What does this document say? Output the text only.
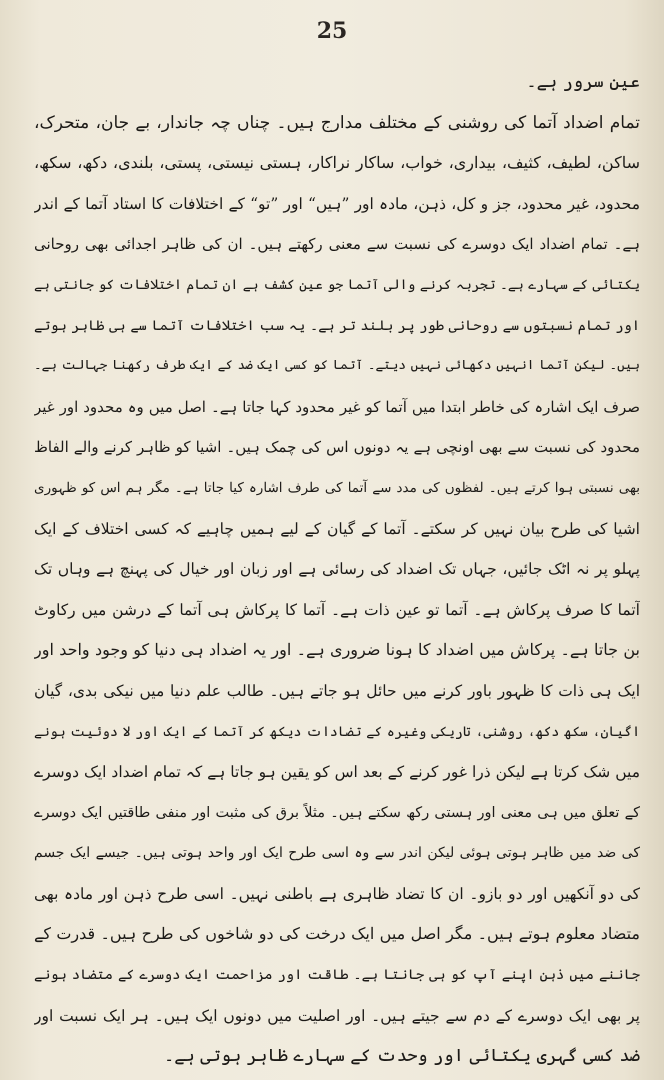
25
عین سرور ہے۔
تمام اضداد آتما کی روشنی کے مختلف مدارج ہیں۔ چناں چہ جاندار، بے جان، متحرک،
ساکن، لطیف، کثیف، بیداری، خواب، ساکار نراکار، ہستی نیستی، پستی، بلندی، دکھ، سکھ،
محدود، غیر محدود، جز و کل، ذہن، مادہ اور ”ہیں“ اور ”تو“ کے اختلافات کا استاد آتما کے اندر
ہے۔ تمام اضداد ایک دوسرے کی نسبت سے معنی رکھتے ہیں۔ ان کی ظاہر اجدائی بھی روحانی
یکتائی کے سہارے ہے۔ تجربہ کرنے والی آتما جو عین کشف ہے ان تمام اختلافات کو جانتی ہے
اور تمام نسبتوں سے روحانی طور پر بلند تر ہے۔ یہ سب اختلافات آتما سے ہی ظاہر ہوتے
ہیں۔ لیکن آتما انہیں دکھائی نہیں دیتے۔ آتما کو کسی ایک ضد کے ایک طرف رکھنا جہالت ہے۔
صرف ایک اشارہ کی خاطر ابتدا میں آتما کو غیر محدود کہا جاتا ہے۔ اصل میں وہ محدود اور غیر
محدود کی نسبت سے بھی اونچی ہے یہ دونوں اس کی چمک ہیں۔ اشیا کو ظاہر کرنے والے الفاظ
بھی نسبتی ہوا کرتے ہیں۔ لفظوں کی مدد سے آتما کی طرف اشارہ کیا جاتا ہے۔ مگر ہم اس کو ظہوری
اشیا کی طرح بیان نہیں کر سکتے۔ آتما کے گیان کے لیے ہمیں چاہیے کہ کسی اختلاف کے ایک
پہلو پر نہ اٹک جائیں، جہاں تک اضداد کی رسائی ہے اور زبان اور خیال کی پہنچ ہے وہاں تک
آتما کا صرف پرکاش ہے۔ آتما تو عین ذات ہے۔ آتما کا پرکاش ہی آتما کے درشن میں رکاوٹ
بن جاتا ہے۔ پرکاش میں اضداد کا ہونا ضروری ہے۔ اور یہ اضداد ہی دنیا کو وجود واحد اور
ایک ہی ذات کا ظہور باور کرنے میں حائل ہو جاتے ہیں۔ طالب علم دنیا میں نیکی بدی، گیان
اگیان، سکھ دکھ، روشنی، تاریکی وغیرہ کے تضادات دیکھ کر آتما کے ایک اور لا دوئیت ہونے
میں شک کرتا ہے لیکن ذرا غور کرنے کے بعد اس کو یقین ہو جاتا ہے کہ تمام اضداد ایک دوسرے
کے تعلق میں ہی معنی اور ہستی رکھ سکتے ہیں۔ مثلاً برق کی مثبت اور منفی طاقتیں ایک دوسرے
کی ضد میں ظاہر ہوتی ہوئی لیکن اندر سے وہ اسی طرح ایک اور واحد ہوتی ہیں۔ جیسے ایک جسم
کی دو آنکھیں اور دو بازو۔ ان کا تضاد ظاہری ہے باطنی نہیں۔ اسی طرح ذہن اور مادہ بھی
متضاد معلوم ہوتے ہیں۔ مگر اصل میں ایک درخت کی دو شاخوں کی طرح ہیں۔ قدرت کے
جاننے میں ذہن اپنے آپ کو ہی جانتا ہے۔ طاقت اور مزاحمت ایک دوسرے کے متضاد ہونے
پر بھی ایک دوسرے کے دم سے جیتے ہیں۔ اور اصلیت میں دونوں ایک ہیں۔ ہر ایک نسبت اور
ضد کسی گہری یکتائی اور وحدت کے سہارے ظاہر ہوتی ہے۔
